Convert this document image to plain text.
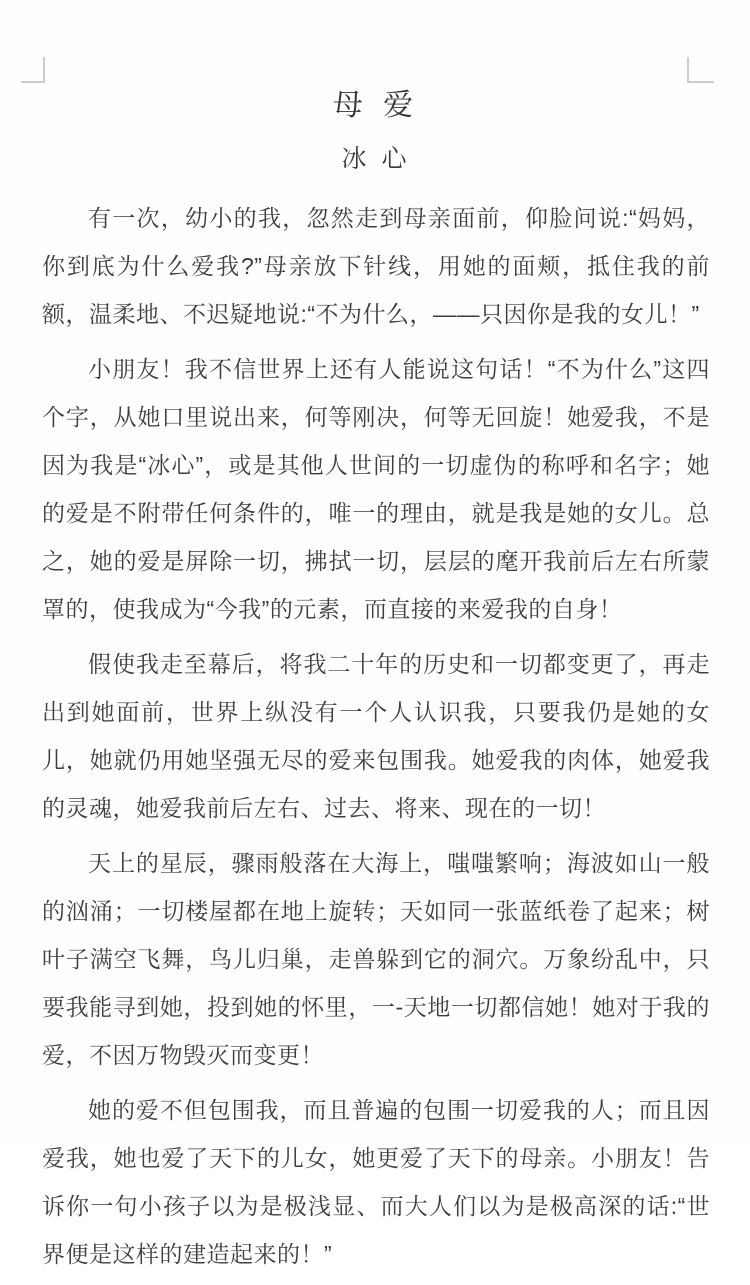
母 爱
冰 心

有一次，幼小的我，忽然走到母亲面前，仰脸问说:“妈妈，你到底为什么爱我?”母亲放下针线，用她的面颊，抵住我的前额，温柔地、不迟疑地说:“不为什么，——只因你是我的女儿！”

小朋友！我不信世界上还有人能说这句话！“不为什么”这四个字，从她口里说出来，何等刚决，何等无回旋！她爱我，不是因为我是“冰心”，或是其他人世间的一切虚伪的称呼和名字；她的爱是不附带任何条件的，唯一的理由，就是我是她的女儿。总之，她的爱是屏除一切，拂拭一切，层层的麾开我前后左右所蒙罩的，使我成为“今我”的元素，而直接的来爱我的自身！

假使我走至幕后，将我二十年的历史和一切都变更了，再走出到她面前，世界上纵没有一个人认识我，只要我仍是她的女儿，她就仍用她坚强无尽的爱来包围我。她爱我的肉体，她爱我的灵魂，她爱我前后左右、过去、将来、现在的一切！

天上的星辰，骤雨般落在大海上，嗤嗤繁响；海波如山一般的汹涌；一切楼屋都在地上旋转；天如同一张蓝纸卷了起来；树叶子满空飞舞，鸟儿归巢，走兽躲到它的洞穴。万象纷乱中，只要我能寻到她，投到她的怀里，一-天地一切都信她！她对于我的爱，不因万物毁灭而变更！

她的爱不但包围我，而且普遍的包围一切爱我的人；而且因爱我，她也爱了天下的儿女，她更爱了天下的母亲。小朋友！告诉你一句小孩子以为是极浅显、而大人们以为是极高深的话:“世界便是这样的建造起来的！”
